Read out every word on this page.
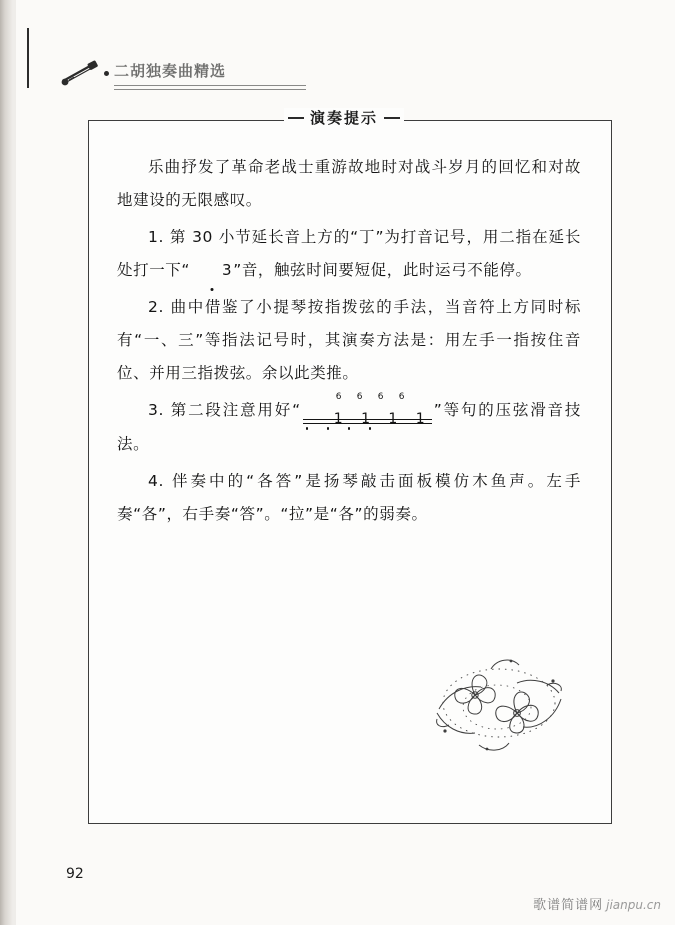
二胡独奏曲精选

乐曲抒发了革命老战士重游故地时对战斗岁月的回忆和对故地建设的无限感叹。

1. 第 30 小节延长音上方的“丁”为打音记号，用二指在延长处打一下“ 3
”音，触弦时间要短促，此时运弓不能停。

2. 曲中借鉴了小提琴按指拨弦的手法，当音符上方同时标有“一、三”等指法记号时，其演奏方法是：用左手一指按住音位、并用三指拨弦。余以此类推。

3. 第二段注意用好“
6	6	6	6
1 1 1 1 ”等句的压弦滑音技法。

4. 伴奏中的“各答”是扬琴敲击面板模仿木鱼声。左手奏“各”，右手奏“答”。“拉”是“各”的弱奏。

演奏提示
92
歌谱简谱网 jianpu.cn
